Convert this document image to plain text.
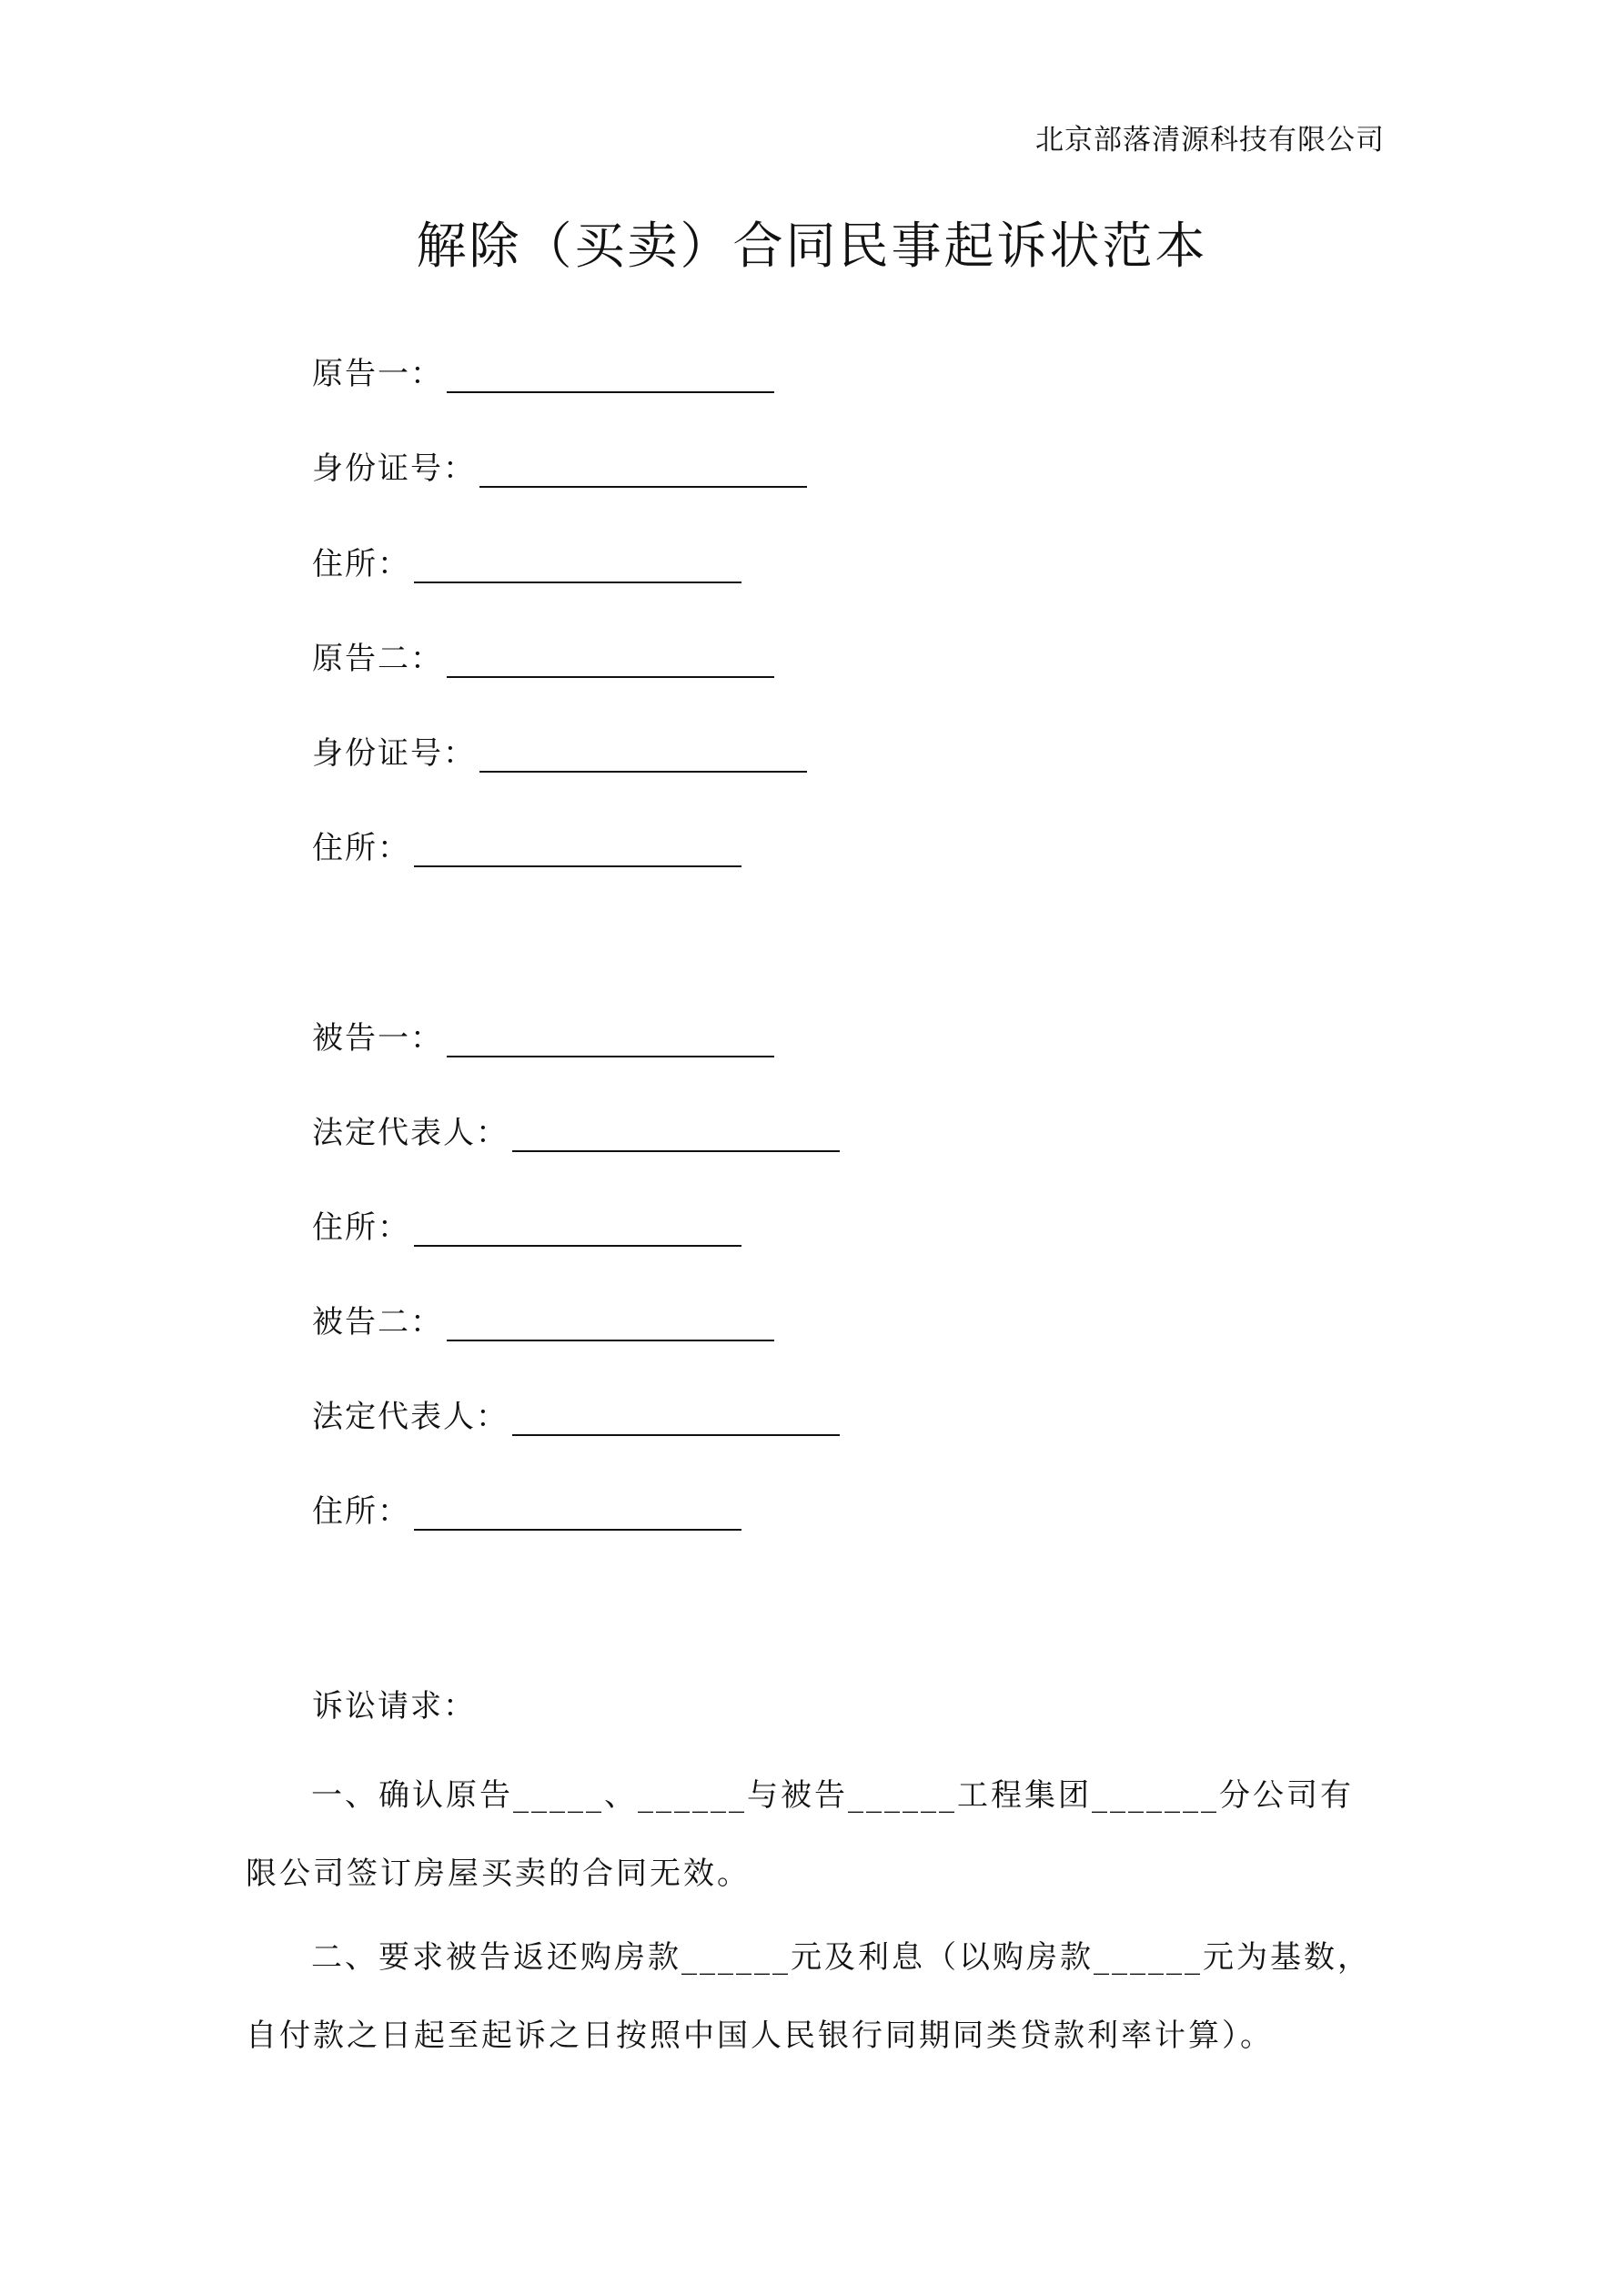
北京部落清源科技有限公司
解除（买卖）合同民事起诉状范本
原告一：
身份证号：
住所：
原告二：
身份证号：
住所：
被告一：
法定代表人：
住所：
被告二：
法定代表人：
住所：
诉讼请求：

一、确认原告_____、______与被告______工程集团_______分公司有限公司签订房屋买卖的合同无效。

二、要求被告返还购房款______元及利息（以购房款______元为基数，自付款之日起至起诉之日按照中国人民银行同期同类贷款利率计算）。
